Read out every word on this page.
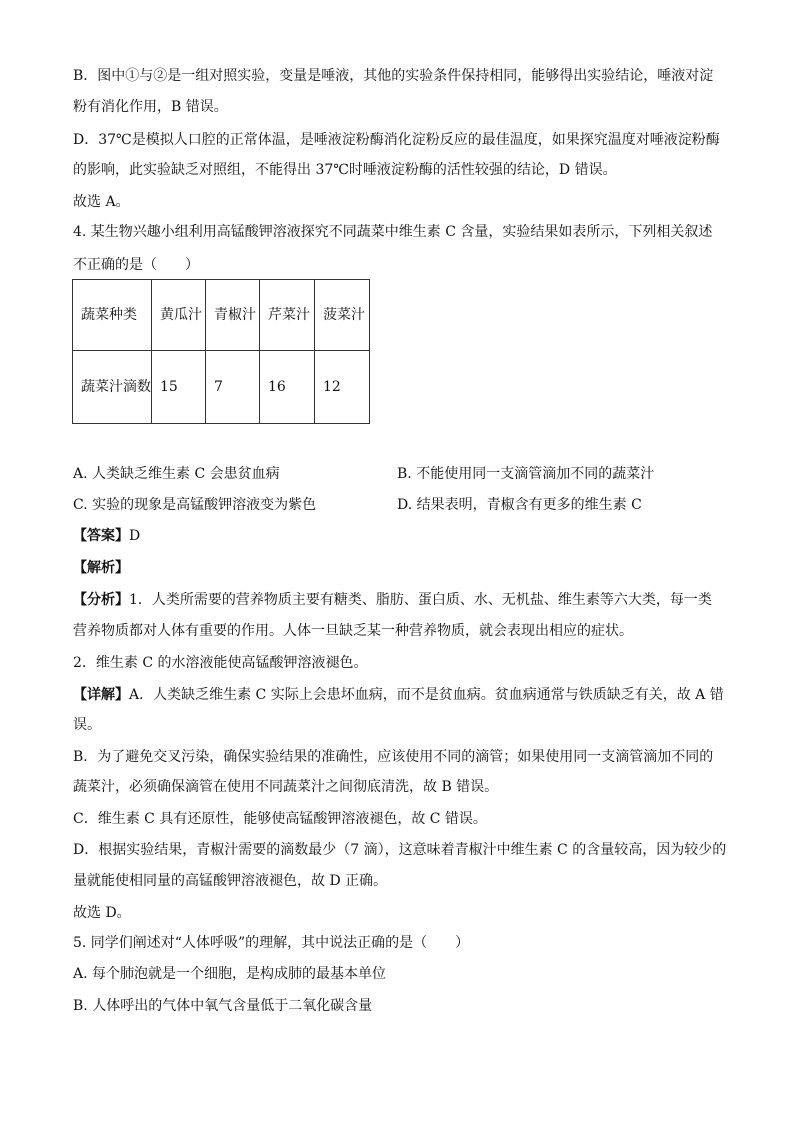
B．图中①与②是一组对照实验，变量是唾液，其他的实验条件保持相同，能够得出实验结论，唾液对淀
粉有消化作用，B 错误。
D．37℃是模拟人口腔的正常体温，是唾液淀粉酶消化淀粉反应的最佳温度，如果探究温度对唾液淀粉酶
的影响，此实验缺乏对照组，不能得出 37℃时唾液淀粉酶的活性较强的结论，D 错误。
故选 A。
4. 某生物兴趣小组利用高锰酸钾溶液探究不同蔬菜中维生素 C 含量，实验结果如表所示，下列相关叙述
不正确的是（　　）
蔬菜种类	黄瓜汁	青椒汁	芹菜汁	菠菜汁
蔬菜汁滴数	15	7	16	12
A. 人类缺乏维生素 C 会患贫血病	B. 不能使用同一支滴管滴加不同的蔬菜汁
C. 实验的现象是高锰酸钾溶液变为紫色	D. 结果表明，青椒含有更多的维生素 C
【答案】D
【解析】
【分析】1．人类所需要的营养物质主要有糖类、脂肪、蛋白质、水、无机盐、维生素等六大类，每一类
营养物质都对人体有重要的作用。人体一旦缺乏某一种营养物质，就会表现出相应的症状。
2．维生素 C 的水溶液能使高锰酸钾溶液褪色。
【详解】A．人类缺乏维生素 C 实际上会患坏血病，而不是贫血病。贫血病通常与铁质缺乏有关，故 A 错
误。
B．为了避免交叉污染，确保实验结果的准确性，应该使用不同的滴管；如果使用同一支滴管滴加不同的
蔬菜汁，必须确保滴管在使用不同蔬菜汁之间彻底清洗，故 B 错误。
C．维生素 C 具有还原性，能够使高锰酸钾溶液褪色，故 C 错误。
D．根据实验结果，青椒汁需要的滴数最少（7 滴），这意味着青椒汁中维生素 C 的含量较高，因为较少的
量就能使相同量的高锰酸钾溶液褪色，故 D 正确。
故选 D。
5. 同学们阐述对“人体呼吸”的理解，其中说法正确的是（　　）
A. 每个肺泡就是一个细胞，是构成肺的最基本单位
B. 人体呼出的气体中氧气含量低于二氧化碳含量
